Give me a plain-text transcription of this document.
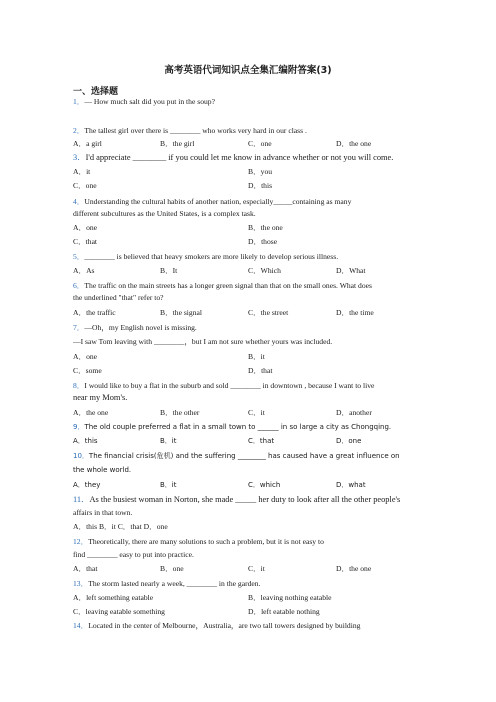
高考英语代词知识点全集汇编附答案(3)
一、选择题
1．— How much salt did you put in the soup?
2．The tallest girl over there is ________ who works very hard in our class .
A．a girl	B．the girl	C．one	D．the one
3．I'd appreciate ________ if you could let me know in advance whether or not you will come.
A．it	B．you
C．one	D．this
4．Understanding the cultural habits of another nation, especially_____containing as many
different subcultures as the United States, is a complex task.
A．one	B．the one
C．that	D．those
5．________ is believed that heavy smokers are more likely to develop serious illness.
A．As	B．It	C．Which	D．What
6．The traffic on the main streets has a longer green signal than that on the small ones. What does
the underlined "that" refer to?
A．the traffic	B．the signal	C．the street	D．the time
7．—Oh，my English novel is missing.
—I saw Tom leaving with ________，but I am not sure whether yours was included.
A．one	B．it
C．some	D．that
8．I would like to buy a flat in the suburb and sold ________ in downtown , because I want to live
near my Mom's.
A．the one	B．the other	C．it	D．another
9．The old couple preferred a flat in a small town to ______ in so large a city as Chongqing.
A．this	B．it	C．that	D．one
10．The financial crisis(危机) and the suffering ________ has caused have a great influence on
the whole world.
A．they	B．it	C．which	D．what
11．As the busiest woman in Norton, she made _____ her duty to look after all the other people's
affairs in that town.
A．this B．it C．that D．one
12．Theoretically, there are many solutions to such a problem, but it is not easy to
find ________ easy to put into practice.
A．that	B．one	C．it	D．the one
13．The storm lasted nearly a week, ________ in the garden.
A．left something eatable	B．leaving nothing eatable
C．leaving eatable something	D．left eatable nothing
14．Located in the center of Melbourne，Australia，are two tall towers designed by building
